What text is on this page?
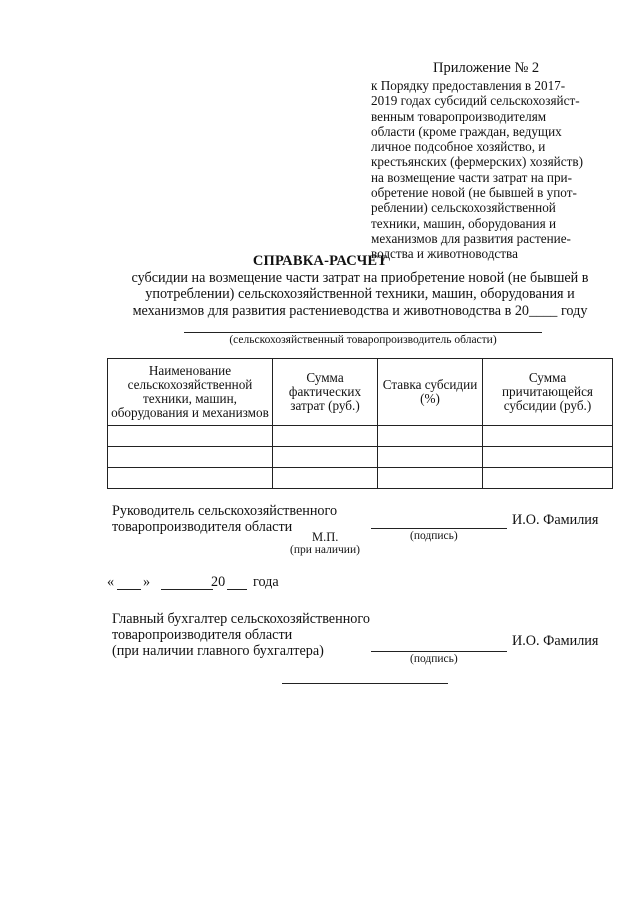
Приложение № 2
к Порядку предоставления в 2017-
2019 годах субсидий сельскохозяйст-
венным товаропроизводителям
области (кроме граждан, ведущих
личное подсобное хозяйство, и
крестьянских (фермерских) хозяйств)
на возмещение части затрат на при-
обретение новой (не бывшей в упот-
реблении) сельскохозяйственной
техники, машин, оборудования и
механизмов для развития растение-
водства и животноводства
СПРАВКА-РАСЧЕТ
субсидии на возмещение части затрат на приобретение новой (не бывшей в
употреблении) сельскохозяйственной техники, машин, оборудования и
механизмов для развития растениеводства и животноводства в 20____ году
(сельскохозяйственный товаропроизводитель области)
Наименование сельскохозяйственной техники, машин, оборудования и механизмов	Сумма фактических затрат (руб.)	Ставка субсидии (%)	Сумма причитающейся субсидии (руб.)

Руководитель сельскохозяйственного
товаропроизводителя области
М.П.
(при наличии)
(подпись)
И.О. Фамилия
« »	20 года
Главный бухгалтер сельскохозяйственного
товаропроизводителя области
(при наличии главного бухгалтера)	(подпись)
И.О. Фамилия
